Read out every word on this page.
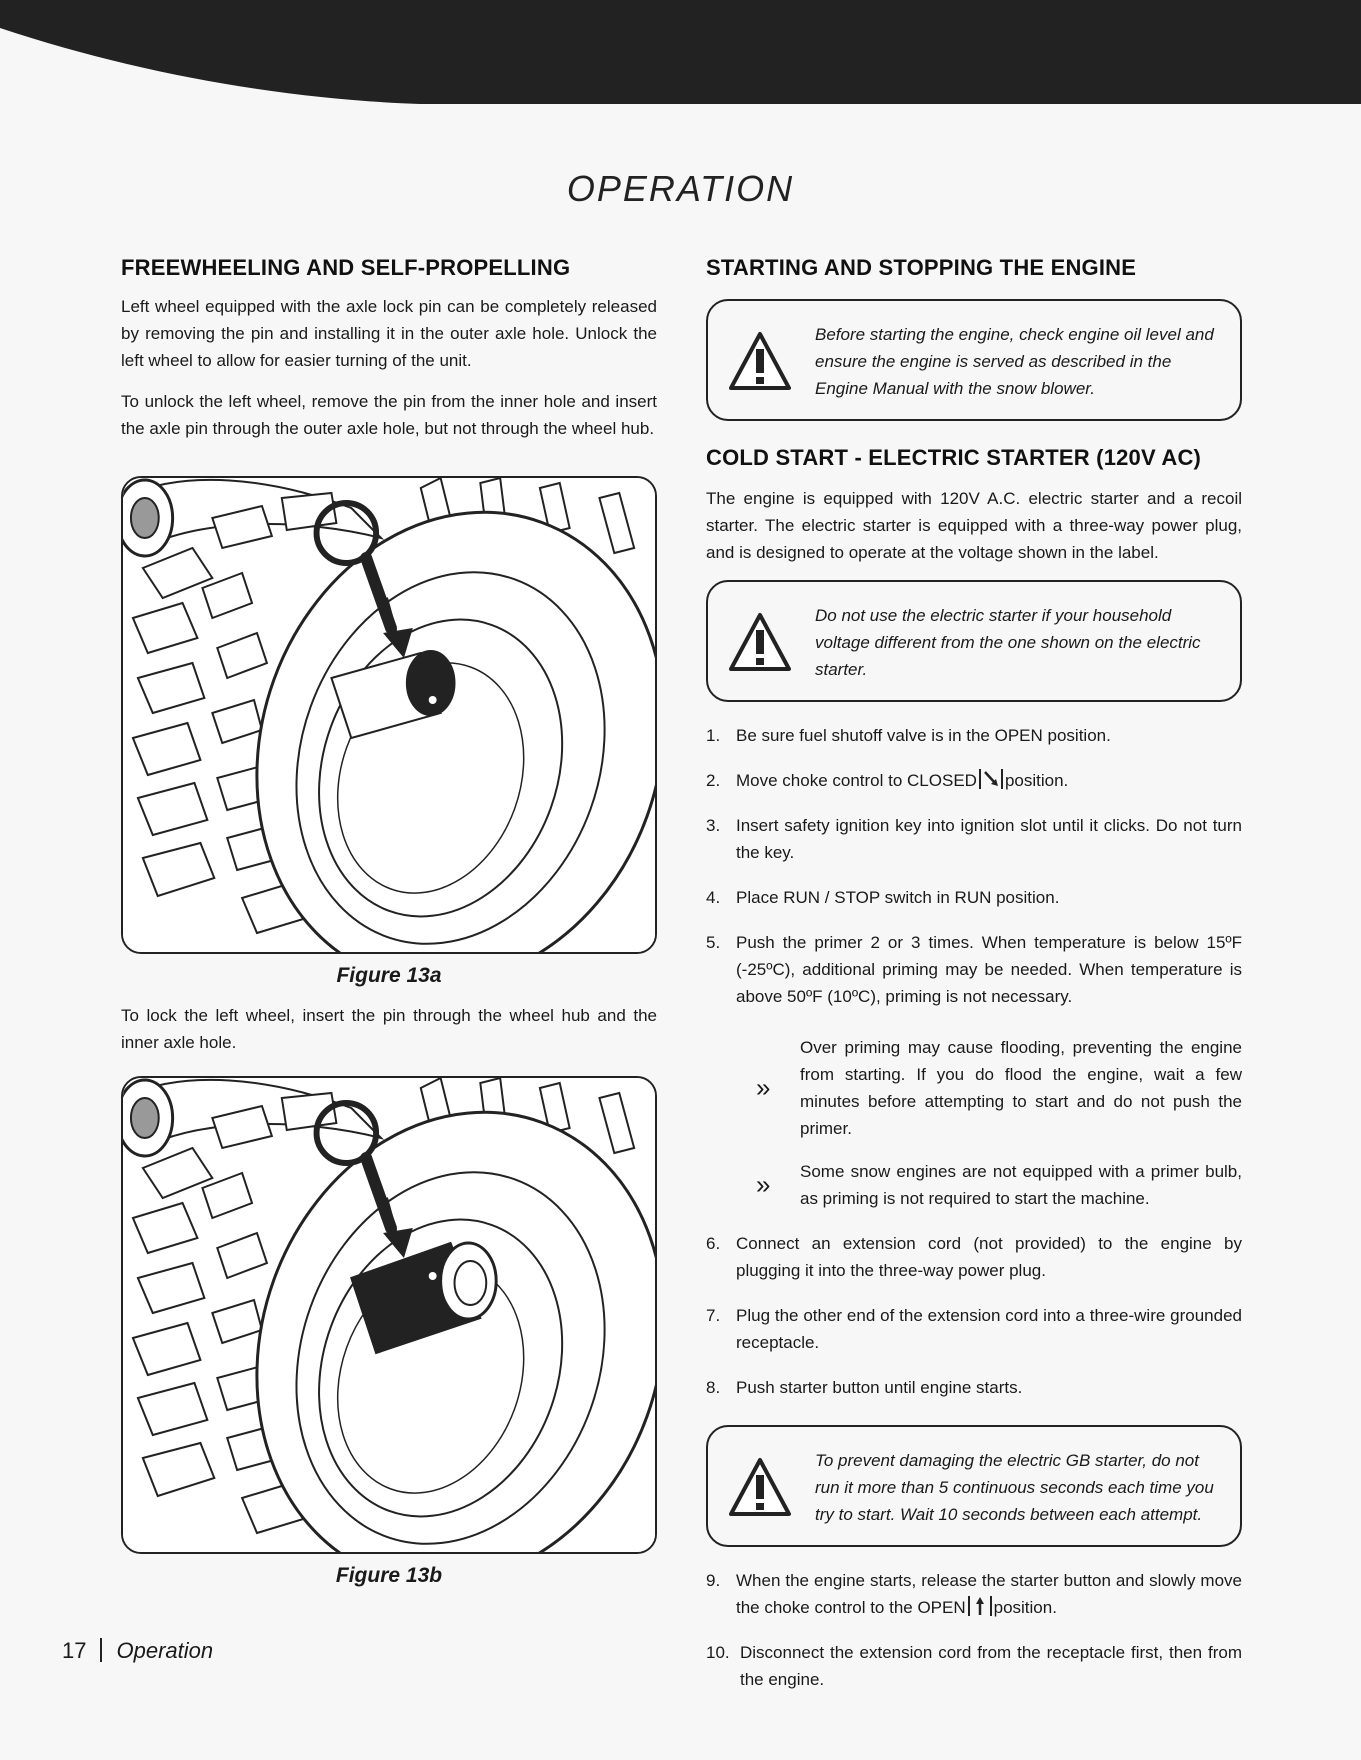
OPERATION
FREEWHEELING AND SELF-PROPELLING

Left wheel equipped with the axle lock pin can be completely released by removing the pin and installing it in the outer axle hole. Unlock the left wheel to allow for easier turning of the unit.

To unlock the left wheel, remove the pin from the inner hole and insert the axle pin through the outer axle hole, but not through the wheel hub.

Figure 13a

To lock the left wheel, insert the pin through the wheel hub and the inner axle hole.

Figure 13b
STARTING AND STOPPING THE ENGINE
Before starting the engine, check engine oil level and ensure the engine is served as described in the Engine Manual with the snow blower.
COLD START - ELECTRIC STARTER (120V AC)

The engine is equipped with 120V A.C. electric starter and a recoil starter. The electric starter is equipped with a three-way power plug, and is designed to operate at the voltage shown in the label.

Do not use the electric starter if your household voltage different from the one shown on the electric starter.
1. Be sure fuel shutoff valve is in the OPEN position.
2. Move choke control to CLOSED position.
3. Insert safety ignition key into ignition slot until it clicks. Do not turn the key.
4. Place RUN / STOP switch in RUN position.
5. Push the primer 2 or 3 times. When temperature is below 15ºF (-25ºC), additional priming may be needed. When temperature is above 50ºF (10ºC), priming is not necessary.
»
Over priming may cause flooding, preventing the engine from starting. If you do flood the engine, wait a few minutes before attempting to start and do not push the primer.
» Some snow engines are not equipped with a primer bulb, as priming is not required to start the machine.
6. Connect an extension cord (not provided) to the engine by plugging it into the three-way power plug.
7. Plug the other end of the extension cord into a three-wire grounded receptacle.
8. Push starter button until engine starts.
To prevent damaging the electric GB starter, do not run it more than 5 continuous seconds each time you try to start. Wait 10 seconds between each attempt.
9. When the engine starts, release the starter button and slowly move the choke control to the OPEN position.
10. Disconnect the extension cord from the receptacle first, then from the engine.
17 Operation
